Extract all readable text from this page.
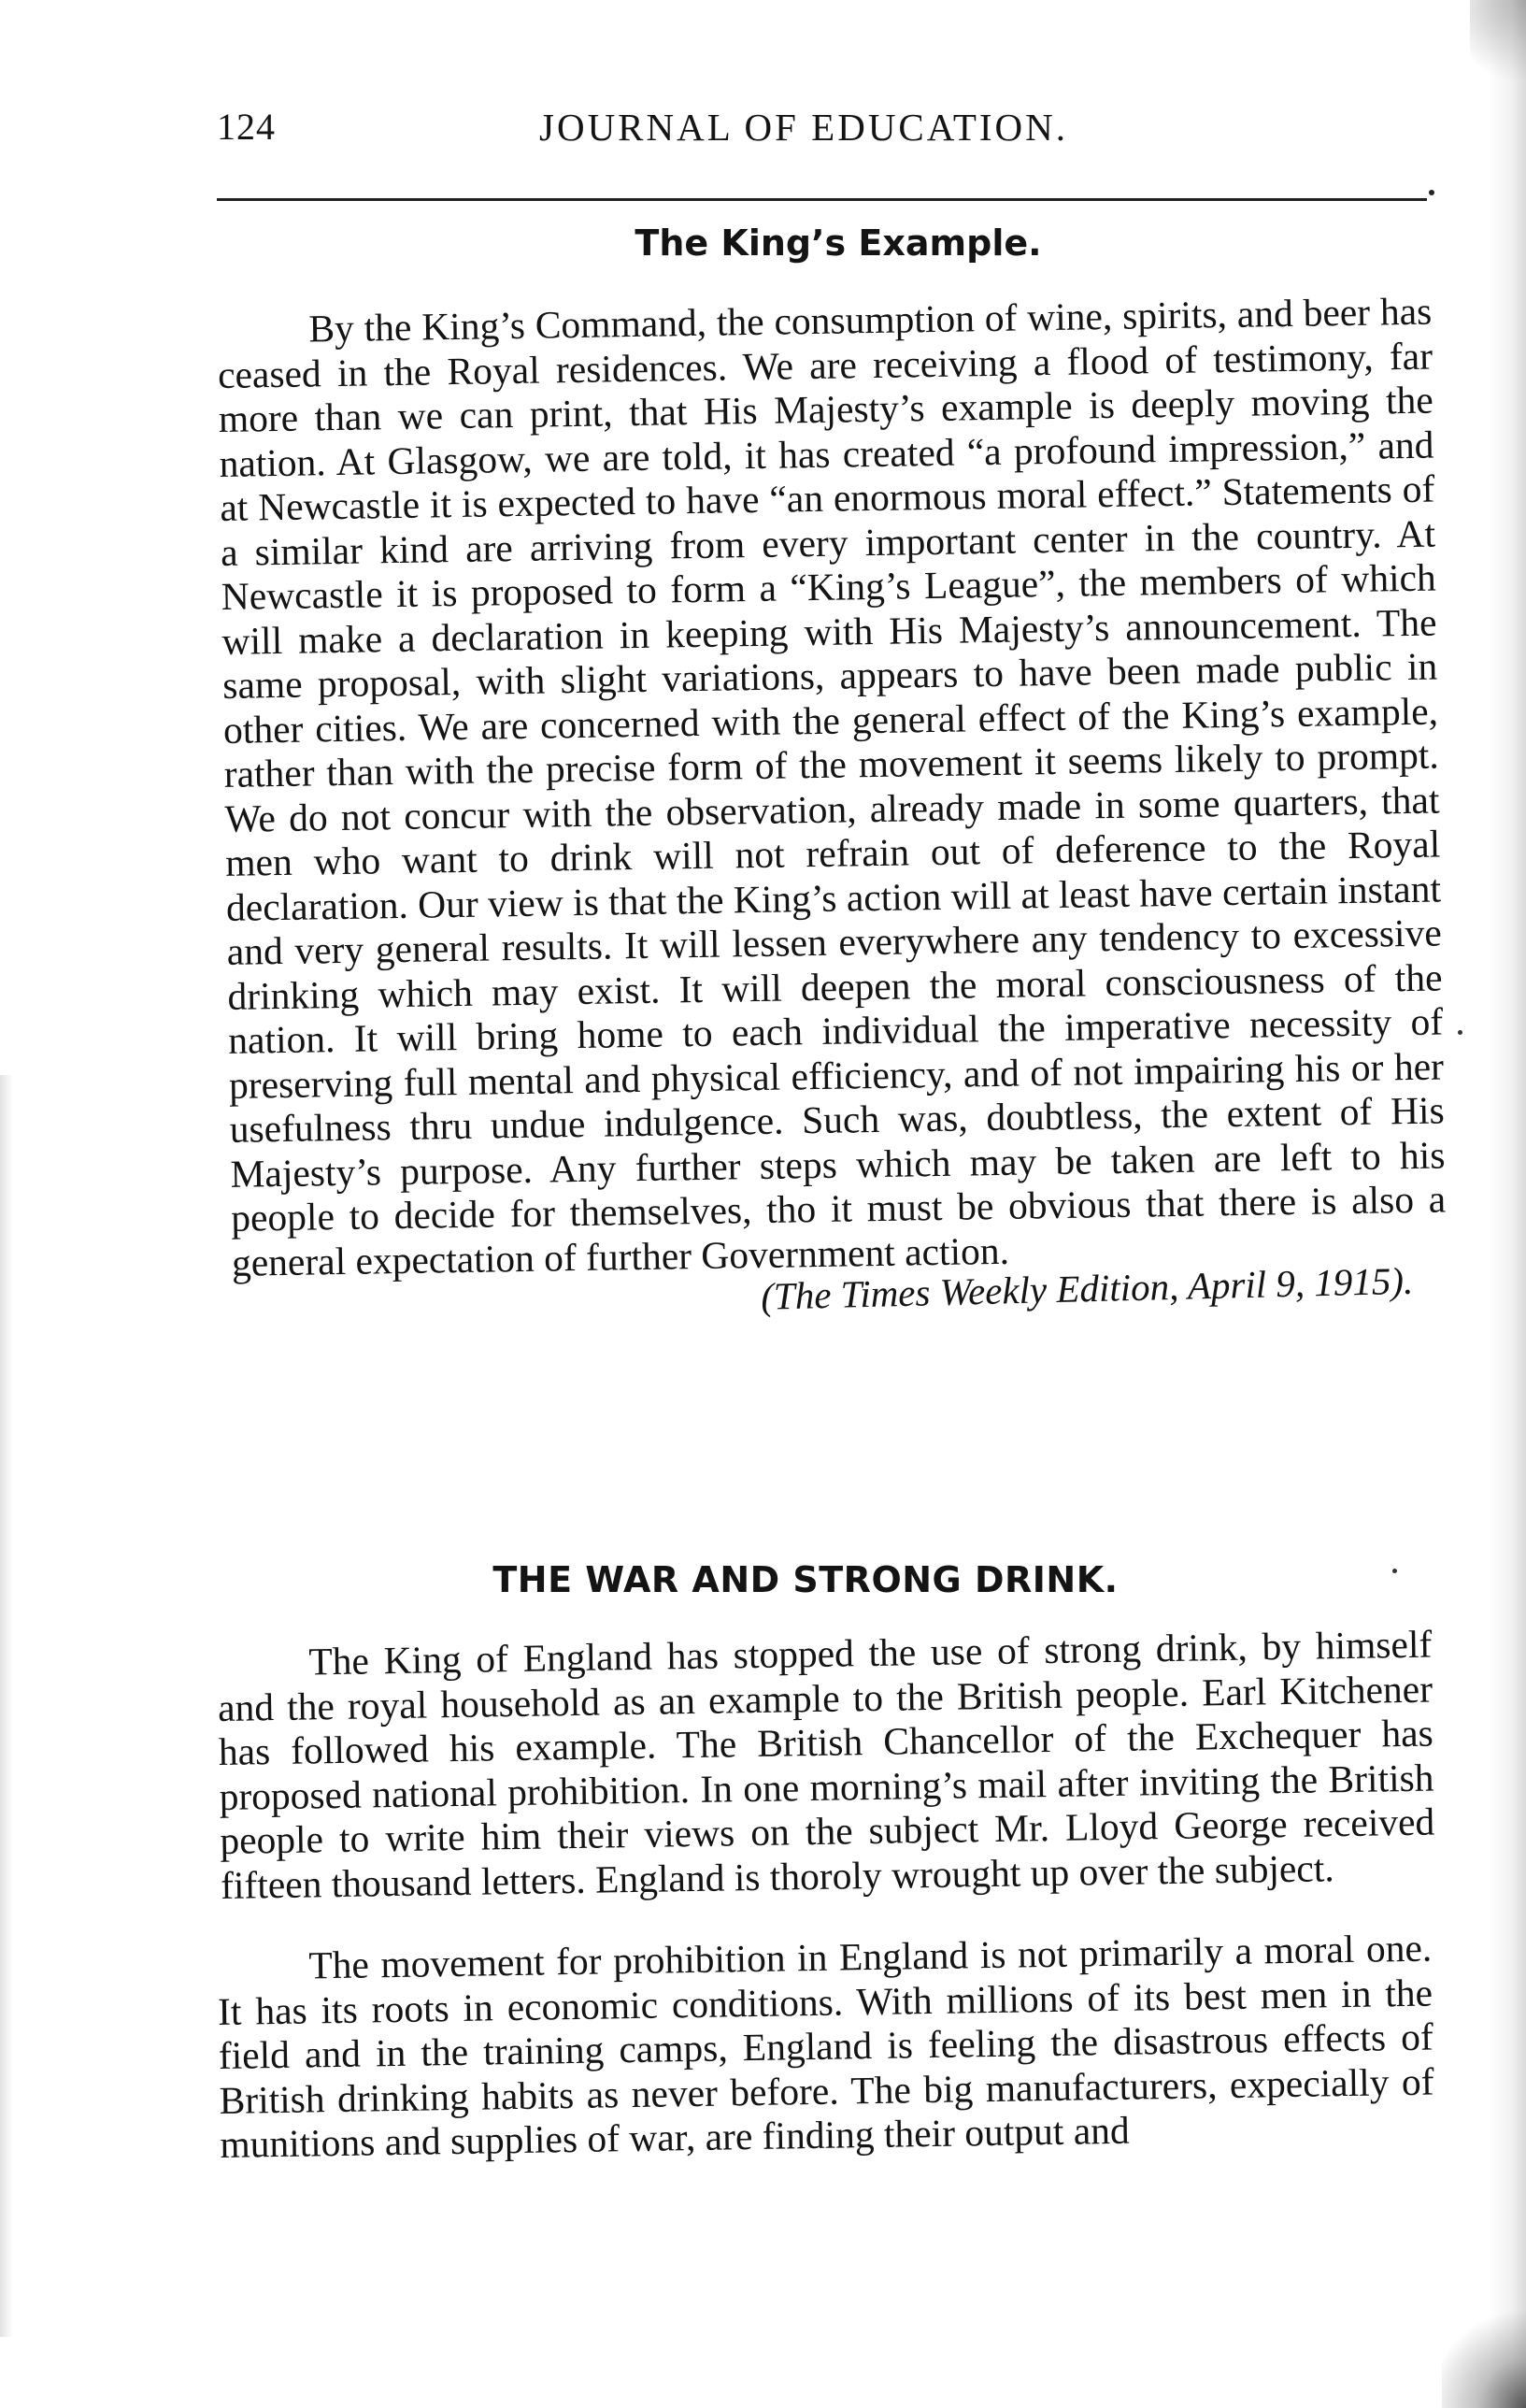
124	JOURNAL OF EDUCATION.
The King’s Example.

By the King’s Command, the consumption of wine, spirits, and beer has ceased in the Royal residences. We are receiving a flood of testimony, far more than we can print, that His Majesty’s example is deeply moving the nation. At Glasgow, we are told, it has created “a profound impression,” and at Newcastle it is expected to have “an enormous moral effect.” Statements of a similar kind are arriving from every important center in the country. At Newcastle it is proposed to form a “King’s League”, the members of which will make a declaration in keeping with His Majesty’s announcement. The same proposal, with slight variations, appears to have been made public in other cities. We are concerned with the general effect of the King’s example, rather than with the precise form of the movement it seems likely to prompt. We do not concur with the observation, already made in some quarters, that men who want to drink will not refrain out of deference to the Royal declaration. Our view is that the King’s action will at least have certain instant and very general results. It will lessen everywhere any tendency to excessive drinking which may exist. It will deepen the moral consciousness of the nation. It will bring home to each individual the imperative necessity of preserving full mental and physical efficiency, and of not impairing his or her usefulness thru undue indulgence. Such was, doubtless, the extent of His Majesty’s purpose. Any further steps which may be taken are left to his people to decide for themselves, tho it must be obvious that there is also a general expectation of further Government action.

(The Times Weekly Edition, April 9, 1915).

THE WAR AND STRONG DRINK.

The King of England has stopped the use of strong drink, by himself and the royal household as an example to the British people. Earl Kitchener has followed his example. The British Chancellor of the Exchequer has proposed national prohibition. In one morning’s mail after inviting the British people to write him their views on the subject Mr. Lloyd George received fifteen thousand letters. England is thoroly wrought up over the subject.

The movement for prohibition in England is not primarily a moral one. It has its roots in economic conditions. With millions of its best men in the field and in the training camps, England is feeling the disastrous effects of British drinking habits as never before. The big manufacturers, expecially of munitions and supplies of war, are finding their output and
